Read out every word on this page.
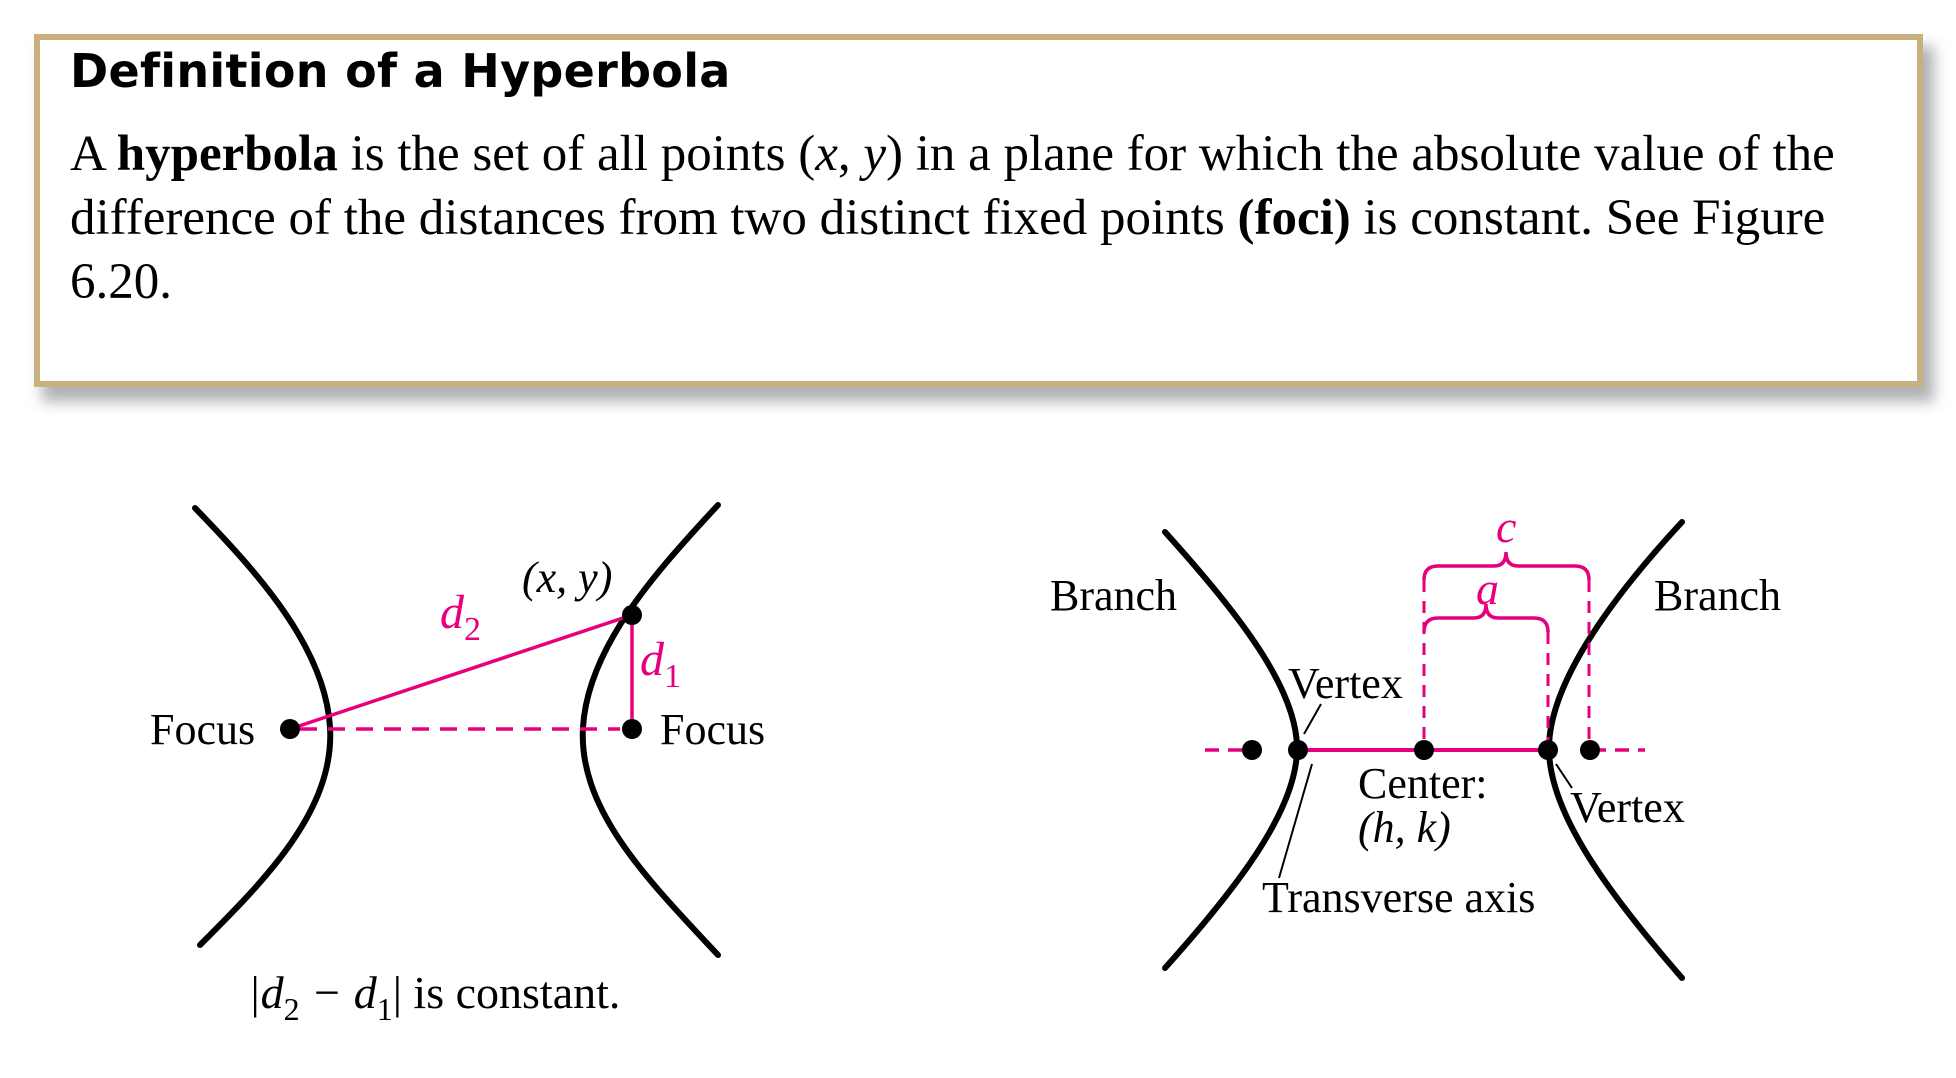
Definition of a Hyperbola
A hyperbola is the set of all points (x, y) in a plane for which the absolute value of the difference of the distances from two distinct fixed points (foci) is constant. See Figure 6.20.
(x, y)
$d_2$
$d_1$
Focus	Focus
$|d_2 - d_1|$ is constant.
c
a
Branch	Branch
Vertex
Vertex
Center:
(h, k)
Transverse axis
